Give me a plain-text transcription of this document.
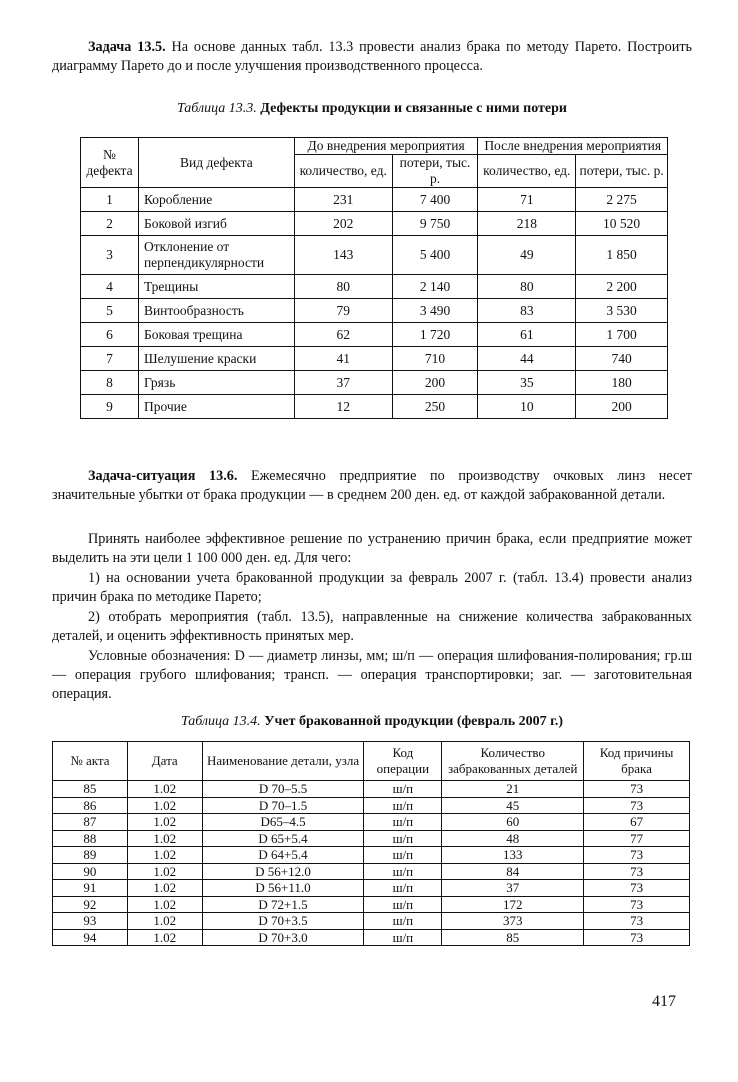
Задача 13.5. На основе данных табл. 13.3 провести анализ брака по методу Парето. Построить диаграмму Парето до и после улучшения производственного процесса.

Таблица 13.3. Дефекты продукции и связанные с ними потери
№ дефекта	Вид дефекта	До внедрения мероприятия		После внедрения мероприятия	
		количество, ед.	потери, тыс. р.	количество, ед.	потери, тыс. р.
1	Коробление	231	7 400	71	2 275
2	Боковой изгиб	202	9 750	218	10 520
3	Отклонение от перпендикулярности	143	5 400	49	1 850
4	Трещины	80	2 140	80	2 200
5	Винтообразность	79	3 490	83	3 530
6	Боковая трещина	62	1 720	61	1 700
7	Шелушение краски	41	710	44	740
8	Грязь	37	200	35	180
9	Прочие	12	250	10	200

Задача-ситуация 13.6. Ежемесячно предприятие по производству очковых линз несет значительные убытки от брака продукции — в среднем 200 ден. ед. от каждой забракованной детали.

Принять наиболее эффективное решение по устранению причин брака, если предприятие может выделить на эти цели 1 100 000 ден. ед. Для чего:

1) на основании учета бракованной продукции за февраль 2007 г. (табл. 13.4) провести анализ причин брака по методике Парето;

2) отобрать мероприятия (табл. 13.5), направленные на снижение количества забракованных деталей, и оценить эффективность принятых мер.

Условные обозначения: D — диаметр линзы, мм; ш/п — операция шлифования-полирования; гр.ш — операция грубого шлифования; трансп. — операция транспортировки; заг. — заготовительная операция.

Таблица 13.4. Учет бракованной продукции (февраль 2007 г.)
№ акта	Дата	Наименование детали, узла	Код операции	Количество забракованных деталей	Код причины брака
85	1.02	D 70–5.5	ш/п	21	73
86	1.02	D 70–1.5	ш/п	45	73
87	1.02	D65–4.5	ш/п	60	67
88	1.02	D 65+5.4	ш/п	48	77
89	1.02	D 64+5.4	ш/п	133	73
90	1.02	D 56+12.0	ш/п	84	73
91	1.02	D 56+11.0	ш/п	37	73
92	1.02	D 72+1.5	ш/п	172	73
93	1.02	D 70+3.5	ш/п	373	73
94	1.02	D 70+3.0	ш/п	85	73
417
